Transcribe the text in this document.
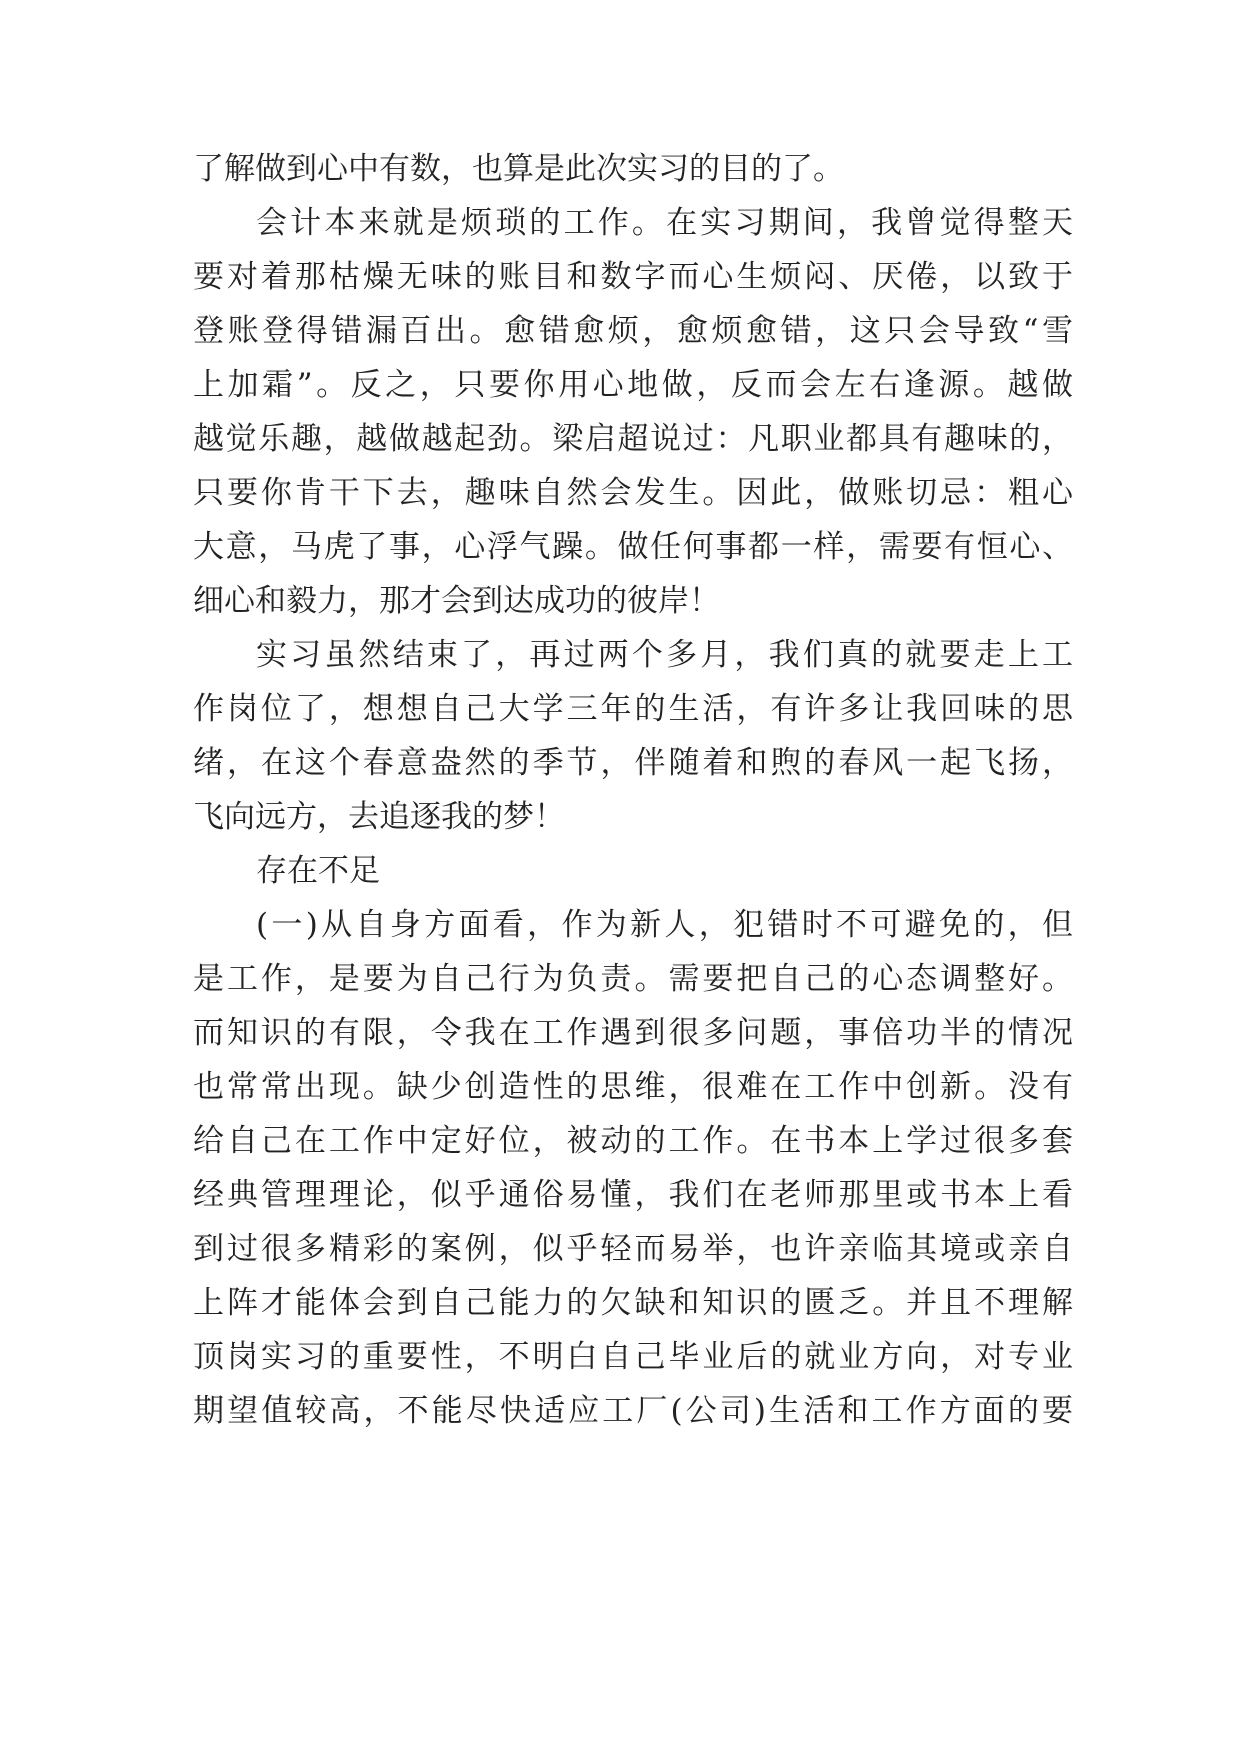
了解做到心中有数，也算是此次实习的目的了。
会计本来就是烦琐的工作。在实习期间，我曾觉得整天
要对着那枯燥无味的账目和数字而心生烦闷、厌倦，以致于
登账登得错漏百出。愈错愈烦，愈烦愈错，这只会导致“雪
上加霜”。反之，只要你用心地做，反而会左右逢源。越做
越觉乐趣，越做越起劲。梁启超说过：凡职业都具有趣味的，
只要你肯干下去，趣味自然会发生。因此，做账切忌：粗心
大意，马虎了事，心浮气躁。做任何事都一样，需要有恒心、
细心和毅力，那才会到达成功的彼岸！
实习虽然结束了，再过两个多月，我们真的就要走上工
作岗位了，想想自己大学三年的生活，有许多让我回味的思
绪，在这个春意盎然的季节，伴随着和煦的春风一起飞扬，
飞向远方，去追逐我的梦！
存在不足
(一)从自身方面看，作为新人，犯错时不可避免的，但
是工作，是要为自己行为负责。需要把自己的心态调整好。
而知识的有限，令我在工作遇到很多问题，事倍功半的情况
也常常出现。缺少创造性的思维，很难在工作中创新。没有
给自己在工作中定好位，被动的工作。在书本上学过很多套
经典管理理论，似乎通俗易懂，我们在老师那里或书本上看
到过很多精彩的案例，似乎轻而易举，也许亲临其境或亲自
上阵才能体会到自己能力的欠缺和知识的匮乏。并且不理解
顶岗实习的重要性，不明白自己毕业后的就业方向，对专业
期望值较高，不能尽快适应工厂(公司)生活和工作方面的要
